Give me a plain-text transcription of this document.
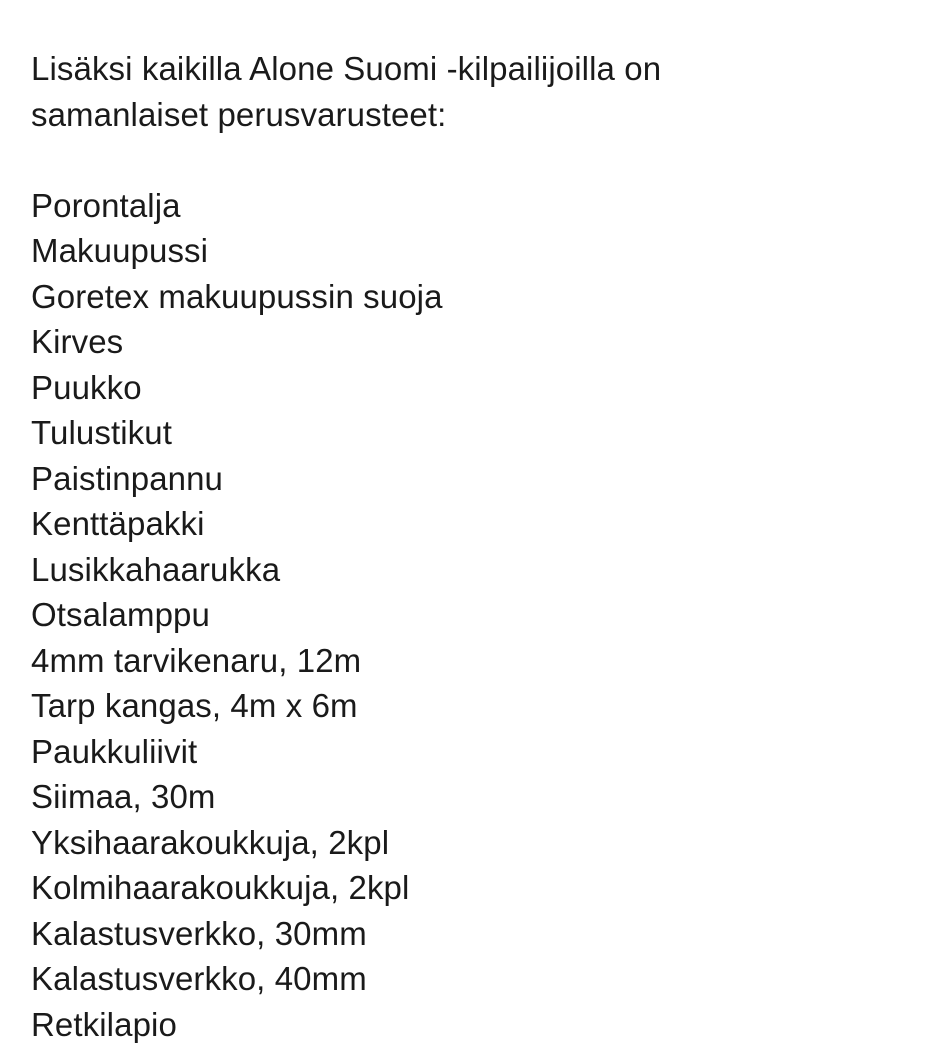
Lisäksi kaikilla Alone Suomi -kilpailijoilla on
samanlaiset perusvarusteet:

Porontalja
Makuupussi
Goretex makuupussin suoja
Kirves
Puukko
Tulustikut
Paistinpannu
Kenttäpakki
Lusikkahaarukka
Otsalamppu
4mm tarvikenaru, 12m
Tarp kangas, 4m x 6m
Paukkuliivit
Siimaa, 30m
Yksihaarakoukkuja, 2kpl
Kolmihaarakoukkuja, 2kpl
Kalastusverkko, 30mm
Kalastusverkko, 40mm
Retkilapio
